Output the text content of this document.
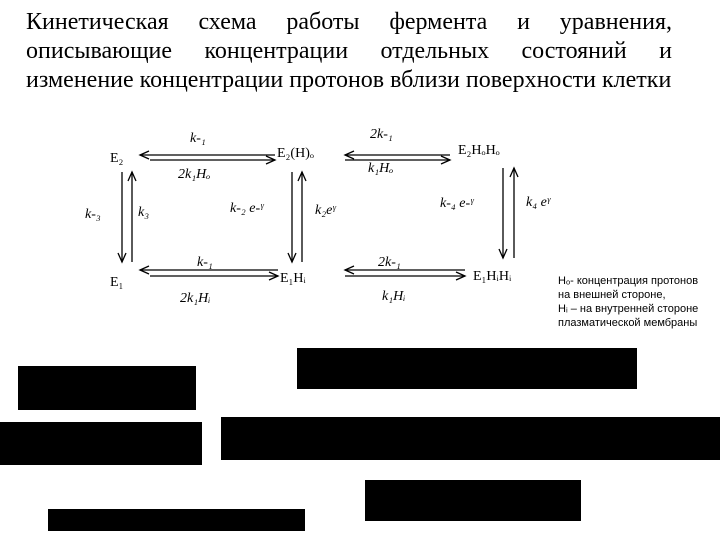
Кинетическая схема работы фермента и уравнения, описывающие концентрации отдельных состояний и изменение концентрации протонов вблизи поверхности клетки
E₂	E₂(H)ₒ	E₂HₒHₒ
E₁	E₁Hᵢ	E₁HᵢHᵢ
k-₁
2k₁Hₒ
2k-₁
k₁Hₒ
k-₁
2k₁Hᵢ
2k-₁
k₁Hᵢ
k-₃	k₃	k-₂ e-ᵞ	k₂eᵞ	k-₄ e-ᵞ	k₄ eᵞ
Hₒ- концентрация протонов
на внешней стороне,
Hᵢ – на внутренней стороне
плазматической мембраны
